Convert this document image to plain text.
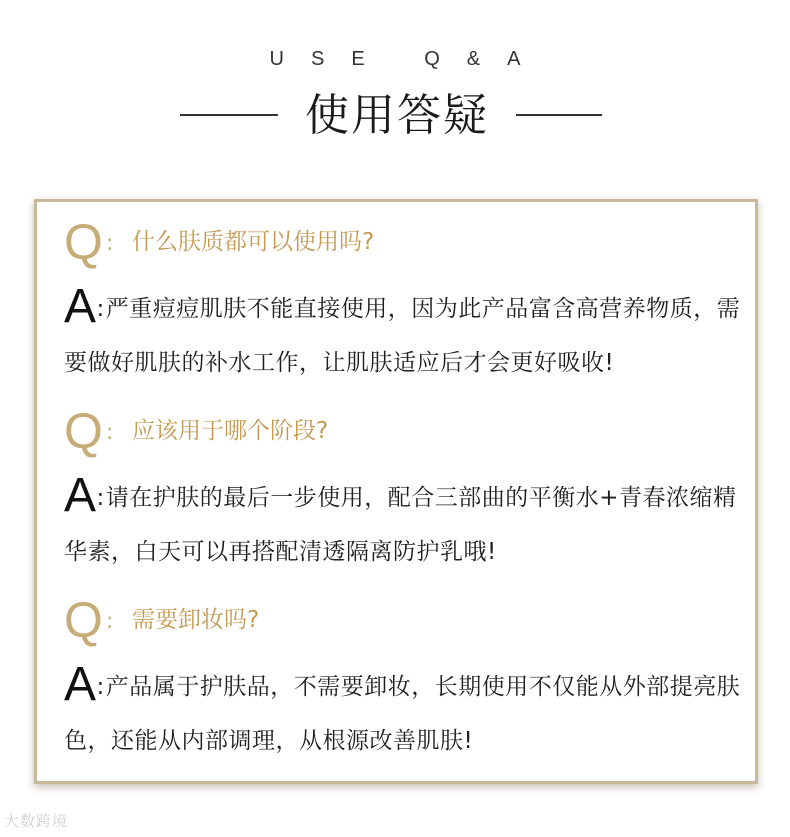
USE Q&A
使用答疑
Q : 什么肤质都可以使用吗?
A:严重痘痘肌肤不能直接使用，因为此产品富含高营养物质，需要做好肌肤的补水工作，让肌肤适应后才会更好吸收!
Q : 应该用于哪个阶段?
A:请在护肤的最后一步使用，配合三部曲的平衡水+青春浓缩精华素，白天可以再搭配清透隔离防护乳哦!
Q : 需要卸妆吗?
A:产品属于护肤品，不需要卸妆，长期使用不仅能从外部提亮肤色，还能从内部调理，从根源改善肌肤!
大数跨境
